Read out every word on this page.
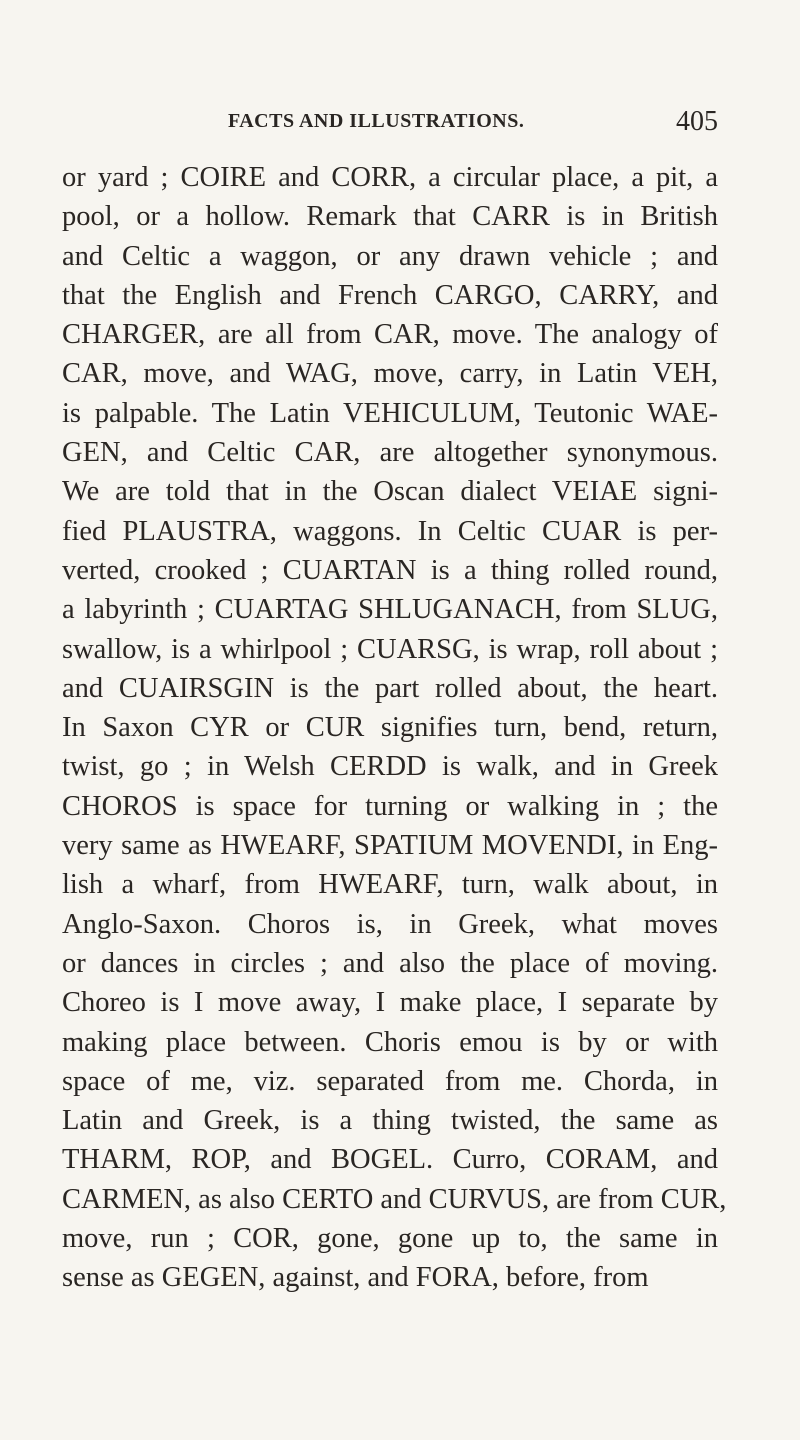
FACTS AND ILLUSTRATIONS.	405
or yard ; COIRE and CORR, a circular place, a pit, a
pool, or a hollow. Remark that CARR is in British
and Celtic a waggon, or any drawn vehicle ; and
that the English and French CARGO, CARRY, and
CHARGER, are all from CAR, move. The analogy of
CAR, move, and WAG, move, carry, in Latin VEH,
is palpable. The Latin VEHICULUM, Teutonic WAE-
GEN, and Celtic CAR, are altogether synonymous.
We are told that in the Oscan dialect VEIAE signi-
fied PLAUSTRA, waggons. In Celtic CUAR is per-
verted, crooked ; CUARTAN is a thing rolled round,
a labyrinth ; CUARTAG SHLUGANACH, from SLUG,
swallow, is a whirlpool ; CUARSG, is wrap, roll about ;
and CUAIRSGIN is the part rolled about, the heart.
In Saxon CYR or CUR signifies turn, bend, return,
twist, go ; in Welsh CERDD is walk, and in Greek
CHOROS is space for turning or walking in ; the
very same as HWEARF, SPATIUM MOVENDI, in Eng-
lish a wharf, from HWEARF, turn, walk about, in
Anglo-Saxon. Choros is, in Greek, what moves
or dances in circles ; and also the place of moving.
Choreo is I move away, I make place, I separate by
making place between. Choris emou is by or with
space of me, viz. separated from me. Chorda, in
Latin and Greek, is a thing twisted, the same as
THARM, ROP, and BOGEL. Curro, CORAM, and
CARMEN, as also CERTO and CURVUS, are from CUR,
move, run ; COR, gone, gone up to, the same in
sense as GEGEN, against, and FORA, before, from
